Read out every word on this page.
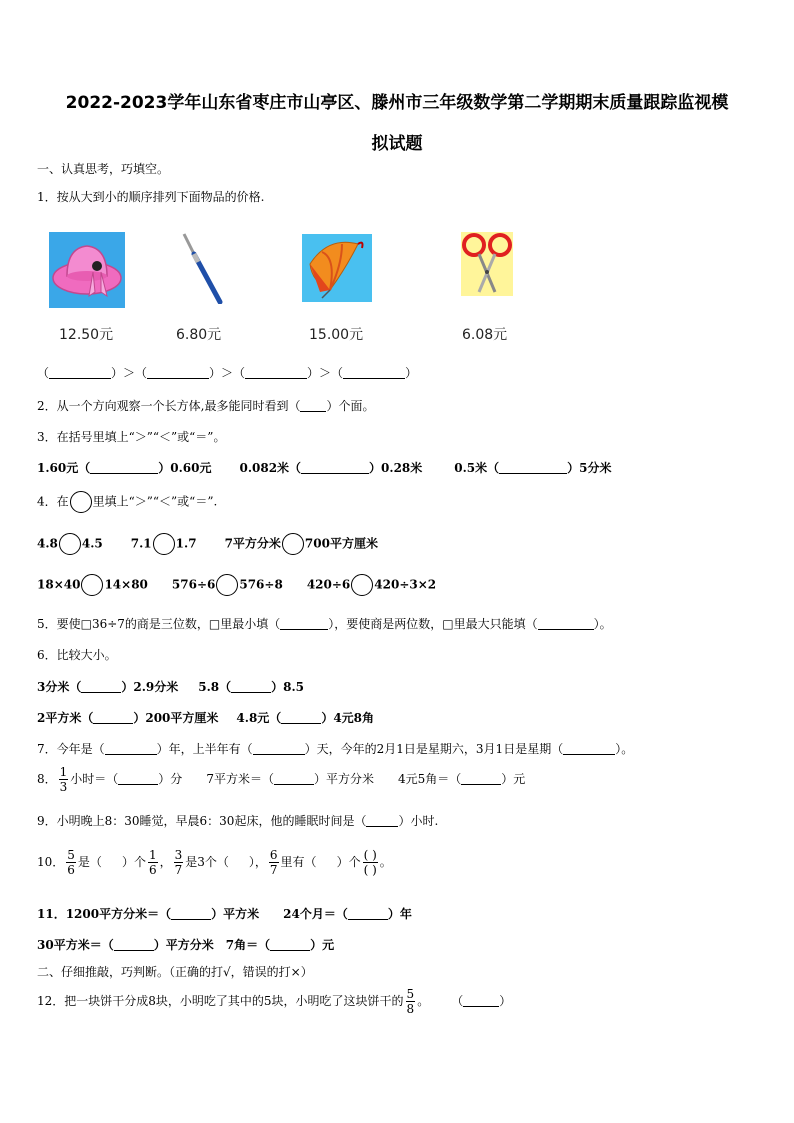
2022-2023学年山东省枣庄市山亭区、滕州市三年级数学第二学期期末质量跟踪监视模
拟试题
一、认真思考，巧填空。
1．按从大到小的顺序排列下面物品的价格.
12.50元	6.80元	15.00元	6.08元
（	）＞（	）＞（	）＞（	）
2．从一个方向观察一个长方体,最多能同时看到（ ）个面。
3．在括号里填上“＞”“＜”或“＝”。
1.60元（	）0.60元 0.082米（	）0.28米	0.5米（	）5分米
4．在 里填上“＞”“＜”或“＝”.
4.8 4.5 7.1 1.7 7平方分米 700平方厘米
18×40 14×80 576÷6 576÷8 420÷6 420÷3×2
5．要使□36÷7的商是三位数，□里最小填（	），要使商是两位数，□里最大只能填（	）。
6．比较大小。
3分米（	）2.9分米 5.8（	）8.5
2平方米（	）200平方厘米 4.8元（	）4元8角
7．今年是（	）年，上半年有（	）天，今年的2月1日是星期六，3月1日是星期（	）。
8． $\frac{1}{3}$ 小时＝（	）分 7平方米＝（	）平方分米 4元5角＝（	）元
9．小明晚上8：30睡觉，早晨6：30起床，他的睡眠时间是（	）小时.
10． $\frac{5}{6}$ 是（ ）个 $\frac{1}{6}$ ， $\frac{3}{7}$ 是3个（ ）， $\frac{6}{7}$ 里有（ ）个 $\frac{( )}{( )}$ 。
11．1200平方分米＝（	）平方米 24个月＝（	）年
30平方米＝（	）平方分米 7角＝（	）元
二、仔细推敲，巧判断。（正确的打√，错误的打×）
12．把一块饼干分成8块，小明吃了其中的5块，小明吃了这块饼干的 $\frac{5}{8}$ 。 （	）
